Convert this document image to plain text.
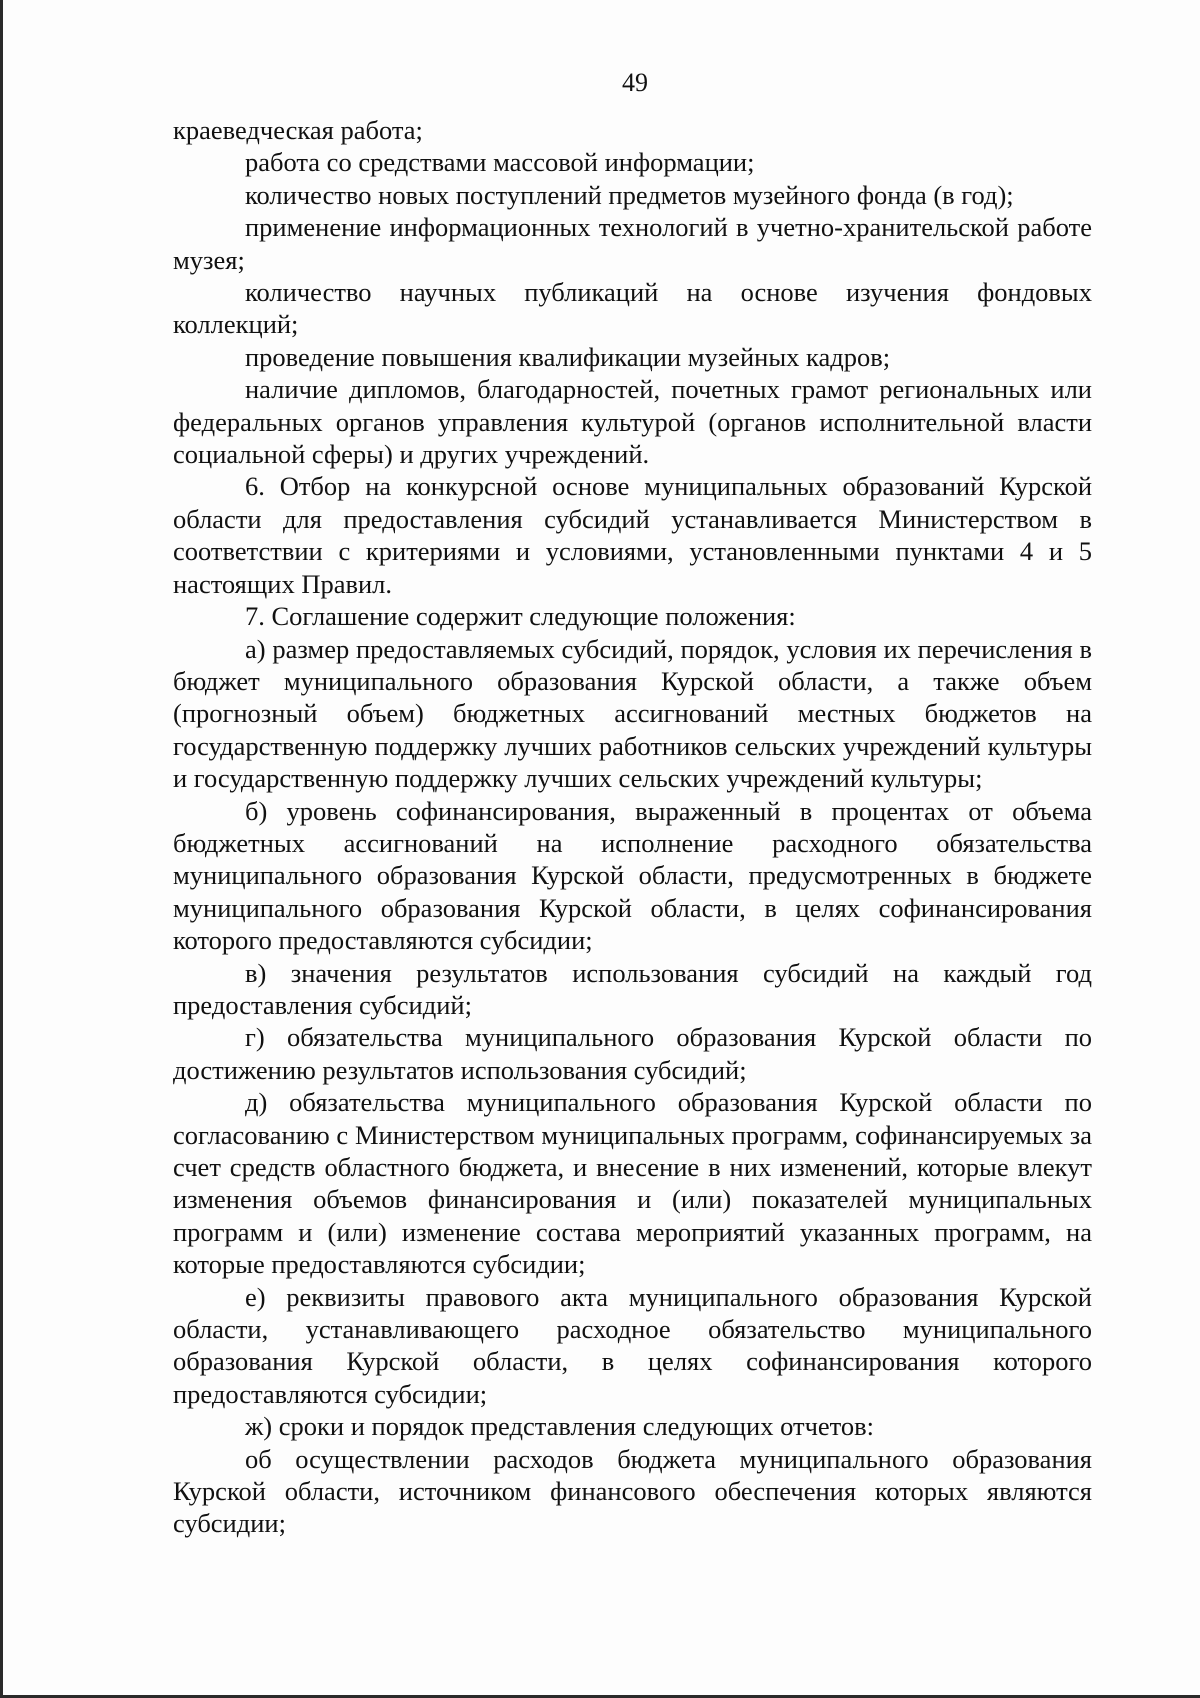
49

краеведческая работа;

работа со средствами массовой информации;

количество новых поступлений предметов музейного фонда (в год);

применение информационных технологий в учетно-хранительской работе музея;

количество научных публикаций на основе изучения фондовых коллекций;

проведение повышения квалификации музейных кадров;

наличие дипломов, благодарностей, почетных грамот региональных или федеральных органов управления культурой (органов исполнительной власти социальной сферы) и других учреждений.

6. Отбор на конкурсной основе муниципальных образований Курской области для предоставления субсидий устанавливается Министерством в соответствии с критериями и условиями, установленными пунктами 4 и 5 настоящих Правил.

7. Соглашение содержит следующие положения:

а) размер предоставляемых субсидий, порядок, условия их перечисления в бюджет муниципального образования Курской области, а также объем (прогнозный объем) бюджетных ассигнований местных бюджетов на государственную поддержку лучших работников сельских учреждений культуры и государственную поддержку лучших сельских учреждений культуры;

б) уровень софинансирования, выраженный в процентах от объема бюджетных ассигнований на исполнение расходного обязательства муниципального образования Курской области, предусмотренных в бюджете муниципального образования Курской области, в целях софинансирования которого предоставляются субсидии;

в) значения результатов использования субсидий на каждый год предоставления субсидий;

г) обязательства муниципального образования Курской области по достижению результатов использования субсидий;

д) обязательства муниципального образования Курской области по согласованию с Министерством муниципальных программ, софинансируемых за счет средств областного бюджета, и внесение в них изменений, которые влекут изменения объемов финансирования и (или) показателей муниципальных программ и (или) изменение состава мероприятий указанных программ, на которые предоставляются субсидии;

е) реквизиты правового акта муниципального образования Курской области, устанавливающего расходное обязательство муниципального образования Курской области, в целях софинансирования которого предоставляются субсидии;

ж) сроки и порядок представления следующих отчетов:

об осуществлении расходов бюджета муниципального образования Курской области, источником финансового обеспечения которых являются субсидии;
